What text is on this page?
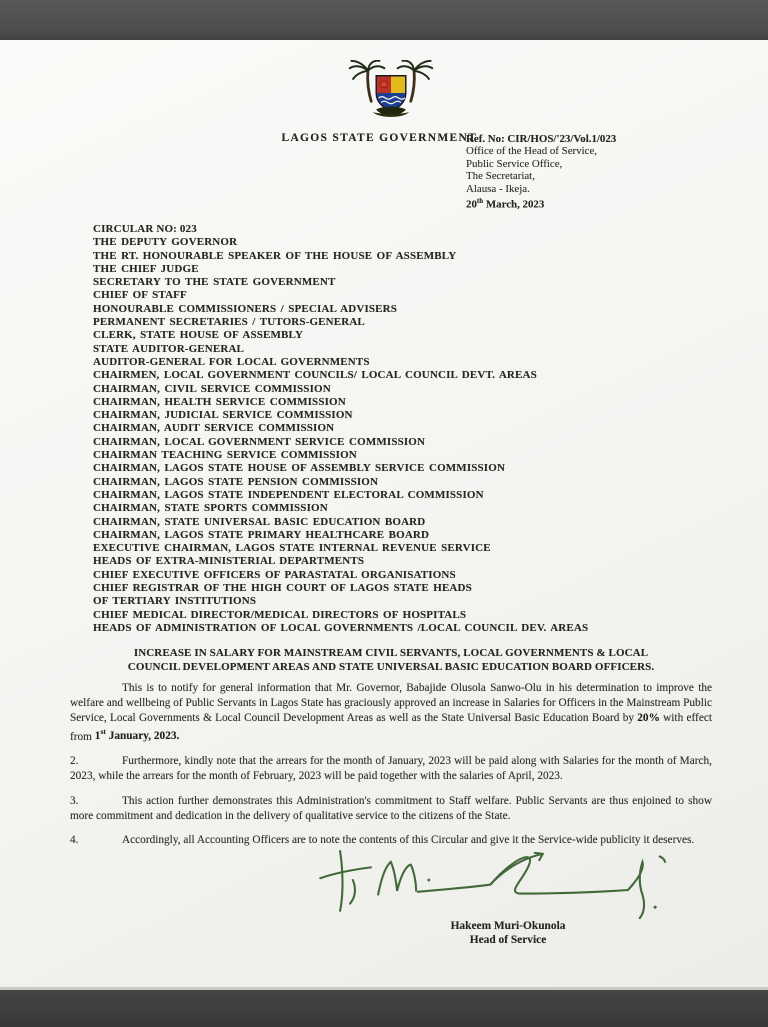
LAGOS STATE GOVERNMENT
Ref. No: CIR/HOS/'23/Vol.1/023
Office of the Head of Service,
Public Service Office,
The Secretariat,
Alausa - Ikeja.
20th March, 2023
CIRCULAR NO: 023
THE DEPUTY GOVERNOR
THE RT. HONOURABLE SPEAKER OF THE HOUSE OF ASSEMBLY
THE CHIEF JUDGE
SECRETARY TO THE STATE GOVERNMENT
CHIEF OF STAFF
HONOURABLE COMMISSIONERS / SPECIAL ADVISERS
PERMANENT SECRETARIES / TUTORS-GENERAL
CLERK, STATE HOUSE OF ASSEMBLY
STATE AUDITOR-GENERAL
AUDITOR-GENERAL FOR LOCAL GOVERNMENTS
CHAIRMEN, LOCAL GOVERNMENT COUNCILS/ LOCAL COUNCIL DEVT. AREAS
CHAIRMAN, CIVIL SERVICE COMMISSION
CHAIRMAN, HEALTH SERVICE COMMISSION
CHAIRMAN, JUDICIAL SERVICE COMMISSION
CHAIRMAN, AUDIT SERVICE COMMISSION
CHAIRMAN, LOCAL GOVERNMENT SERVICE COMMISSION
CHAIRMAN TEACHING SERVICE COMMISSION
CHAIRMAN, LAGOS STATE HOUSE OF ASSEMBLY SERVICE COMMISSION
CHAIRMAN, LAGOS STATE PENSION COMMISSION
CHAIRMAN, LAGOS STATE INDEPENDENT ELECTORAL COMMISSION
CHAIRMAN, STATE SPORTS COMMISSION
CHAIRMAN, STATE UNIVERSAL BASIC EDUCATION BOARD
CHAIRMAN, LAGOS STATE PRIMARY HEALTHCARE BOARD
EXECUTIVE CHAIRMAN, LAGOS STATE INTERNAL REVENUE SERVICE
HEADS OF EXTRA-MINISTERIAL DEPARTMENTS
CHIEF EXECUTIVE OFFICERS OF PARASTATAL ORGANISATIONS
CHIEF REGISTRAR OF THE HIGH COURT OF LAGOS STATE HEADS
OF TERTIARY INSTITUTIONS
CHIEF MEDICAL DIRECTOR/MEDICAL DIRECTORS OF HOSPITALS
HEADS OF ADMINISTRATION OF LOCAL GOVERNMENTS /LOCAL COUNCIL DEV. AREAS
INCREASE IN SALARY FOR MAINSTREAM CIVIL SERVANTS, LOCAL GOVERNMENTS & LOCAL
COUNCIL DEVELOPMENT AREAS AND STATE UNIVERSAL BASIC EDUCATION BOARD OFFICERS.

This is to notify for general information that Mr. Governor, Babajide Olusola Sanwo-Olu in his determination to improve the welfare and wellbeing of Public Servants in Lagos State has graciously approved an increase in Salaries for Officers in the Mainstream Public Service, Local Governments & Local Council Development Areas as well as the State Universal Basic Education Board by 20% with effect from 1st January, 2023.

2.	Furthermore, kindly note that the arrears for the month of January, 2023 will be paid along with Salaries for the month of March, 2023, while the arrears for the month of February, 2023 will be paid together with the salaries of April, 2023.

3.	This action further demonstrates this Administration's commitment to Staff welfare. Public Servants are thus enjoined to show more commitment and dedication in the delivery of qualitative service to the citizens of the State.

4.	Accordingly, all Accounting Officers are to note the contents of this Circular and give it the Service-wide publicity it deserves.

Hakeem Muri-Okunola
Head of Service
